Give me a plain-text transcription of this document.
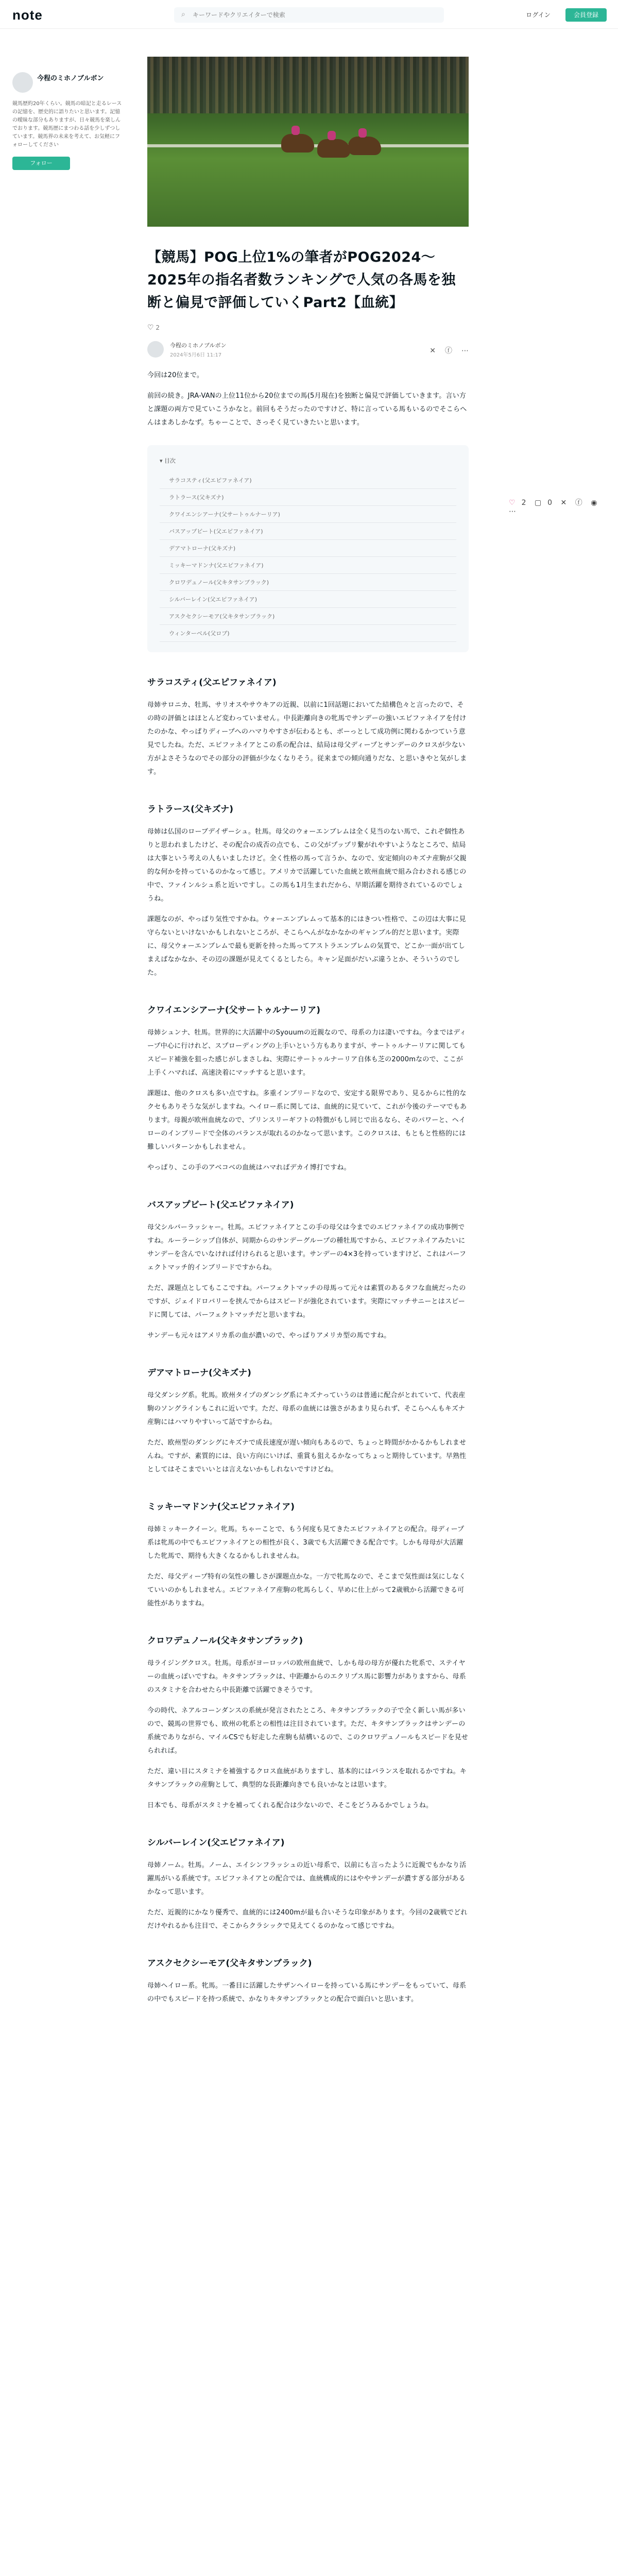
note	⌕
キーワードやクリエイターで検索	ログイン	会員登録
今程のミホノブルボン
競馬歴約20年くらい。競馬の暗記と走るレースの記憶を、歴史的に語りたいと思います。記憶の曖昧な部分もありますが、日々競馬を楽しんでおります。競馬歴にまつわる話を少しずつしています。競馬界の未来を考えて、お気軽にフォローしてください
フォロー
♡ 2 ▢ 0 ✕ ⓕ ◉ ⋯
【競馬】POG上位1%の筆者がPOG2024〜2025年の指名者数ランキングで人気の各馬を独断と偏見で評価していくPart2【血統】
♡ 2
今程のミホノブルボン
2024年5月6日 11:17
✕ ⓕ ⋯

今回は20位まで。

前回の続き。JRA-VANの上位11位から20位までの馬(5月現在)を独断と偏見で評価していきます。言い方と課題の両方で見ていこうかなと。前回もそうだったのですけど、特に言っている馬もいるのでそこらへんはまあしかなず。ちゃーことで、さっそく見ていきたいと思います。

▾ 目次
サラコスティ(父エピファネイア)
ラトラース(父キズナ)
クワイエンシアーナ(父サートゥルナーリア)
バスアップビート(父エピファネイア)
デアマトローナ(父キズナ)
ミッキーマドンナ(父エピファネイア)
クロワデュノール(父キタサンブラック)
シルバーレイン(父エピファネイア)
アスクセクシーモア(父キタサンブラック)
ウィンターベル(父ロブ)
サラコスティ(父エピファネイア)

母姉サロニカ、牡馬、サリオスやサウキアの近親、以前に1回話題においてた結構色々と言ったので、その時の評価とはほとんど変わっていません。中長距離向きの牝馬でサンデーの強いエピファネイアを付けたのかな、やっぱりディープへのハマりやすさが伝わるとも、ボーっとして成功例に関わるかつていう意見でしたね。ただ、エピファネイアとこの系の配合は、結局は母父ディープとサンデーのクロスが少ない方がよさそうなのでその部分の評価が少なくなりそう。従来までの傾向通りだな、と思いきやと気がします。

ラトラース(父キズナ)

母姉は仏国のローブデイザーシュ。牡馬。母父のウォーエンブレムは全く見当のない馬で、これぞ個性ありと思われましたけど、その配合の成否の点でも、この父がプップリ繋がれやすいようなところで、結局は大事という考えの人もいましたけど。全く性格の馬って言うか、なので、安定傾向のキズナ産駒が父親的な何かを持っているのかなって感じ。アメリカで活躍していた血統と欧州血統で組み合わされる感じの中で、ファインルシュ系と近いですし。この馬も1月生まれだから、早期活躍を期待されているのでしょうね。

課題なのが、やっぱり気性ですかね。ウォーエンブレムって基本的にはきつい性格で、この辺は大事に見守らないといけないかもしれないところが、そこらへんがなかなかのギャンブル的だと思います。実際に、母父ウォーエンブレムで最も更新を持った馬ってアストラエンブレムの気質で、どこか一面が出てしまえばなかなか、その辺の課題が見えてくるとしたら。キャン足面がだいぶ違うとか、そういうのでした。

クワイエンシアーナ(父サートゥルナーリア)

母姉シュンナ、牡馬。世界的に大活躍中のSyouumの近親なので、母系の力は凄いですね。今まではディープ中心に行けれど、スプローディングの上手いという方もありますが、サートゥルナーリアに関してもスピード補強を狙った感じがしまさしね、実際にサートゥルナーリア自体も芝の2000mなので、ここが上手くハマれば、高速決着にマッチすると思います。

課題は、他のクロスも多い点ですね。多重インブリードなので、安定する限界であり、見るからに性的なクセもありそうな気がしますね。ヘイロー系に関しては、血統的に見ていて、これが今後のテーマでもあります。母親が欧州血統なので、プリンスリーギフトの特徴がもし同じで出るなら、そのパワーと、ヘイローのインブリードで全体のバランスが取れるのかなって思います。このクロスは、もともと性格的には難しいパターンかもしれません。

やっぱり、この手のアベコベの血統はハマればデカイ博打ですね。

バスアップビート(父エピファネイア)

母父シルバーラッシャー。牡馬。エピファネイアとこの手の母父は今までのエピファネイアの成功事例ですね。ルーラーシップ自体が、同期からのサンデーグループの種牡馬ですから、エピファネイアみたいにサンデーを含んでいなければ付けられると思います。サンデーの4×3を持っていますけど、これはパーフェクトマッチ的インブリードですからね。

ただ、課題点としてもここですね。パーフェクトマッチの母馬って元々は素質のあるタフな血統だったのですが、ジェイドロバリーを挟んでからはスピードが強化されています。実際にマッチサニーとはスピードに関しては、パーフェクトマッチだと思いますね。

サンデーも元々はアメリカ系の血が濃いので、やっぱりアメリカ型の馬ですね。

デアマトローナ(父キズナ)

母父ダンシグ系。牝馬。欧州タイプのダンシグ系にキズナっていうのは普通に配合がとれていて、代表産駒のソングラインもこれに近いです。ただ、母系の血統には強さがあまり見られず、そこらへんもキズナ産駒にはハマりやすいって話ですからね。

ただ、欧州型のダンシグにキズナで成長速度が遅い傾向もあるので、ちょっと時間がかかるかもしれませんね。ですが、素質的には、良い方向にいけば、重賞も狙えるかなってちょっと期待しています。早熟性としてはそこまでいいとは言えないかもしれないですけどね。

ミッキーマドンナ(父エピファネイア)

母姉ミッキークイーン。牝馬。ちゃーことで、もう何度も見てきたエピファネイアとの配合。母ディープ系は牝馬の中でもエピファネイアとの相性が良く、3歳でも大活躍できる配合です。しかも母母が大活躍した牝馬で、期待も大きくなるかもしれませんね。

ただ、母父ディープ特有の気性の難しさが課題点かな。一方で牝馬なので、そこまで気性面は気にしなくていいのかもしれません。エピファネイア産駒の牝馬らしく、早めに仕上がって2歳戦から活躍できる可能性がありますね。

クロワデュノール(父キタサンブラック)

母ライジングクロス。牡馬。母系がヨーロッパの欧州血統で、しかも母の母方が優れた牝系で、ステイヤーの血統っぽいですね。キタサンブラックは、中距離からのエクリプス馬に影響力がありますから、母系のスタミナを合わせたら中長距離で活躍できそうです。

今の時代、ネアルコーンダンスの系統が発言されたところ、キタサンブラックの子で全く新しい馬が多いので、競馬の世界でも、欧州の牝系との相性は注目されています。ただ、キタサンブラックはサンデーの系統でありながら、マイルCSでも好走した産駒も結構いるので、このクロワデュノールもスピードを見せられれば。

ただ、違い目にスタミナを補強するクロス血統がありますし、基本的にはバランスを取れるかですね。キタサンブラックの産駒として、典型的な長距離向きでも良いかなとは思います。

日本でも、母系がスタミナを補ってくれる配合は少ないので、そこをどうみるかでしょうね。

シルバーレイン(父エピファネイア)

母姉ノーム。牡馬。ノーム、エイシンフラッシュの近い母系で、以前にも言ったように近親でもかなり活躍馬がいる系統です。エピファネイアとの配合では、血統構成的にはややサンデーが濃すぎる部分があるかなって思います。

ただ、近親的にかなり優秀で、血統的には2400mが最も合いそうな印象があります。今回の2歳戦でどれだけやれるかも注目で、そこからクラシックで見えてくるのかなって感じですね。

アスクセクシーモア(父キタサンブラック)

母姉ヘイロー系。牝馬。一番目に活躍したサザンヘイローを持っている馬にサンデーをもっていて、母系の中でもスピードを持つ系統で、かなりキタサンブラックとの配合で面白いと思います。
